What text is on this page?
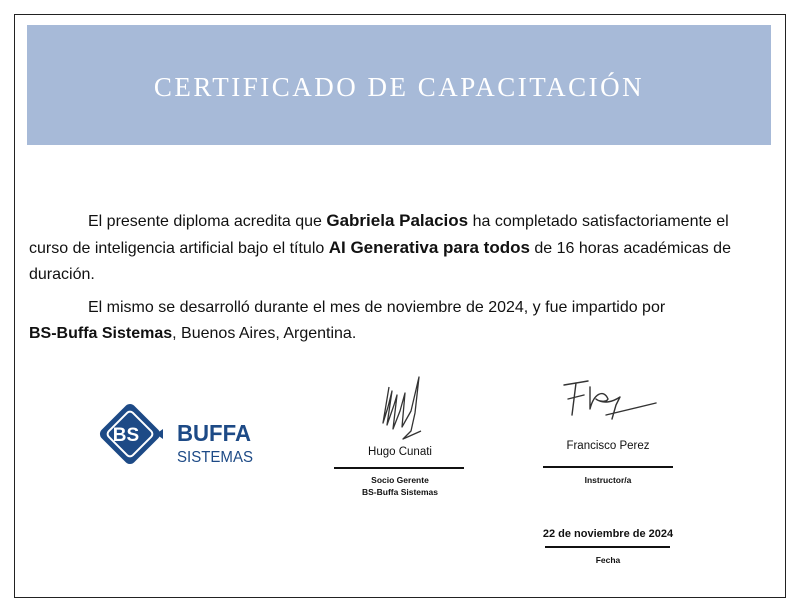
CERTIFICADO DE CAPACITACIÓN

El presente diploma acredita que Gabriela Palacios ha completado satisfactoriamente el curso de inteligencia artificial bajo el título AI Generativa para todos de 16 horas académicas de duración.

El mismo se desarrolló durante el mes de noviembre de 2024, y fue impartido por
BS-Buffa Sistemas, Buenos Aires, Argentina.

BS BUFFA
SISTEMAS	Hugo Cunati
Socio Gerente
BS-Buffa Sistemas
Francisco Perez
Instructor/a
22 de noviembre de 2024
Fecha
